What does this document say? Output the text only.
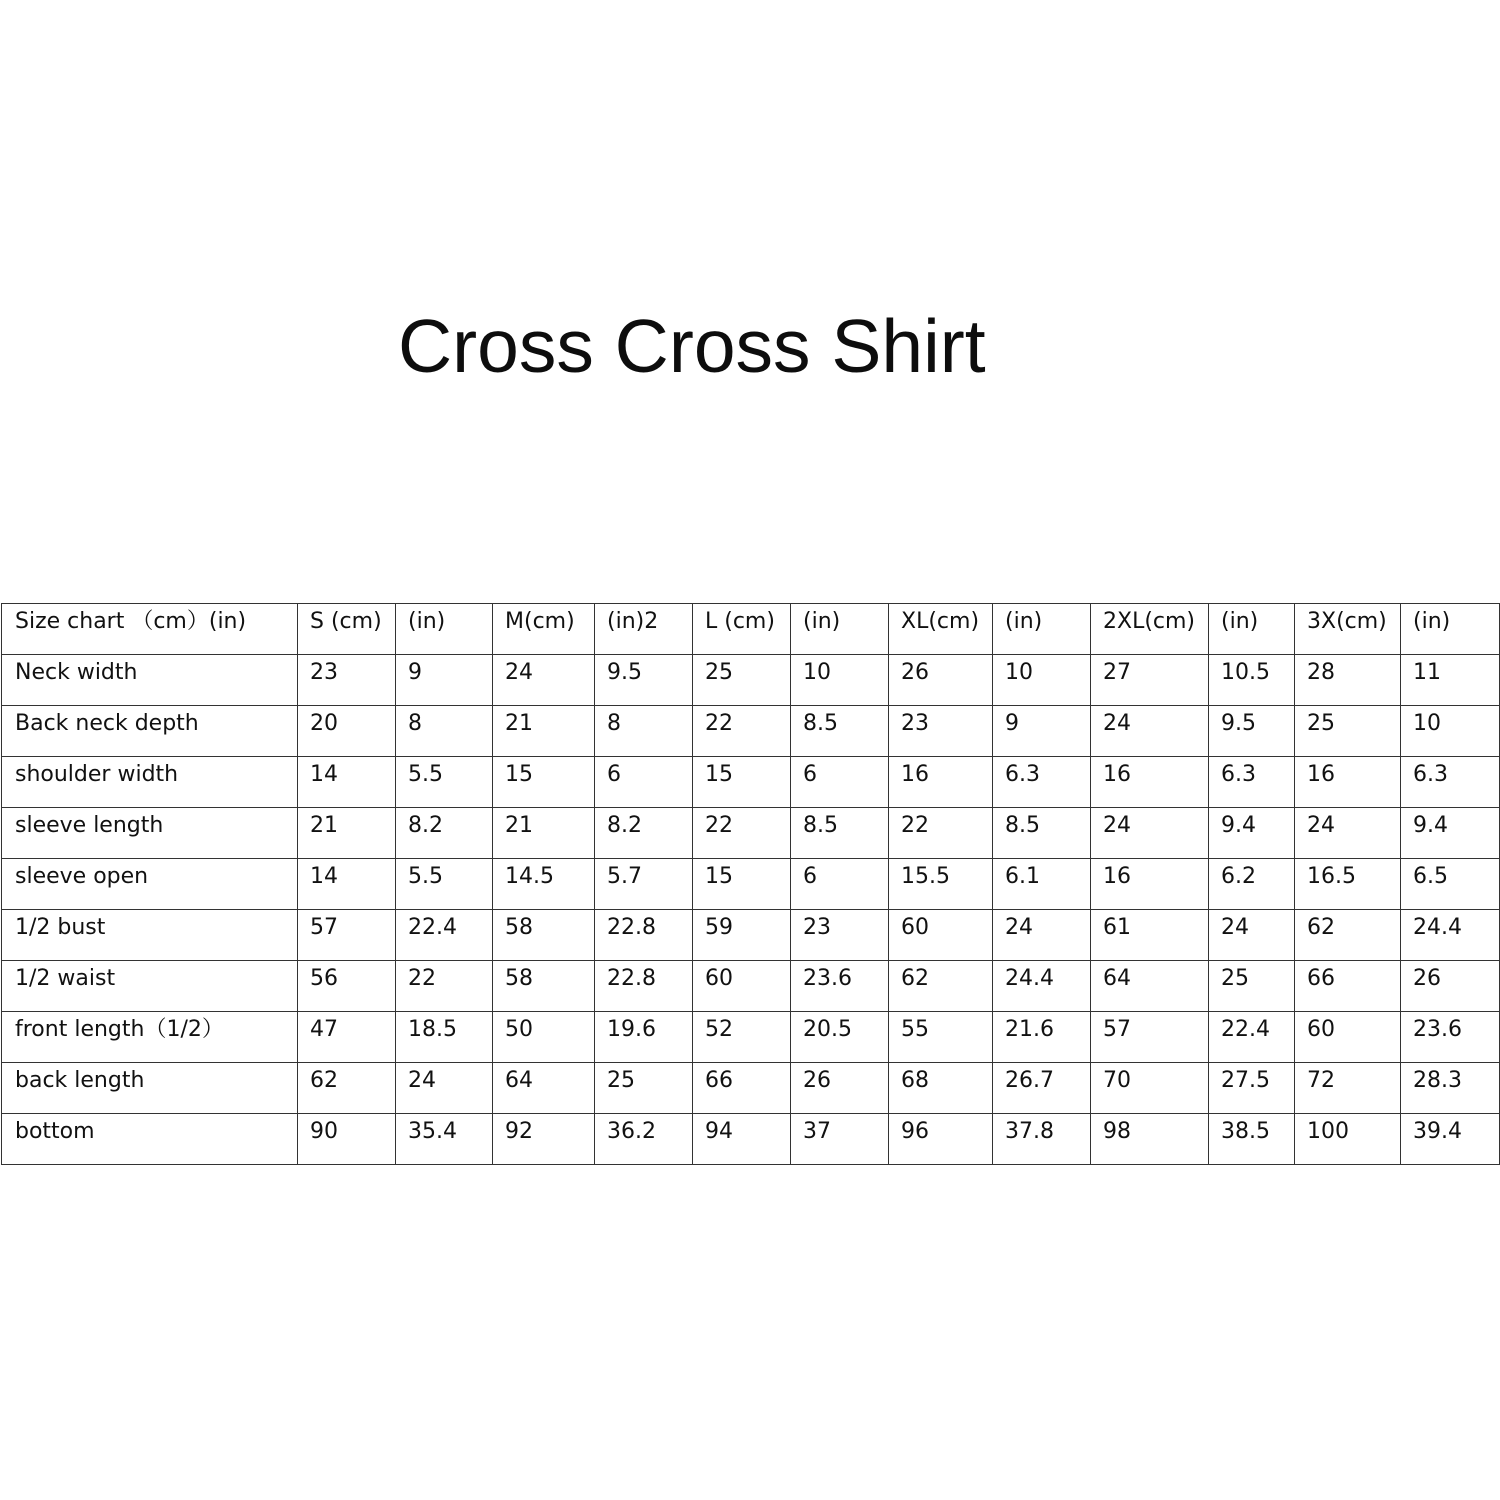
Cross Cross Shirt
Size chart （cm）(in)	S (cm)	(in)	M(cm)	(in)2	L (cm)	(in)	XL(cm)	(in)	2XL(cm)	(in)	3X(cm)	(in)
Neck width	23	9	24	9.5	25	10	26	10	27	10.5	28	11
Back neck depth	20	8	21	8	22	8.5	23	9	24	9.5	25	10
shoulder width	14	5.5	15	6	15	6	16	6.3	16	6.3	16	6.3
sleeve length	21	8.2	21	8.2	22	8.5	22	8.5	24	9.4	24	9.4
sleeve open	14	5.5	14.5	5.7	15	6	15.5	6.1	16	6.2	16.5	6.5
1/2 bust	57	22.4	58	22.8	59	23	60	24	61	24	62	24.4
1/2 waist	56	22	58	22.8	60	23.6	62	24.4	64	25	66	26
front length（1/2）	47	18.5	50	19.6	52	20.5	55	21.6	57	22.4	60	23.6
back length	62	24	64	25	66	26	68	26.7	70	27.5	72	28.3
bottom	90	35.4	92	36.2	94	37	96	37.8	98	38.5	100	39.4
